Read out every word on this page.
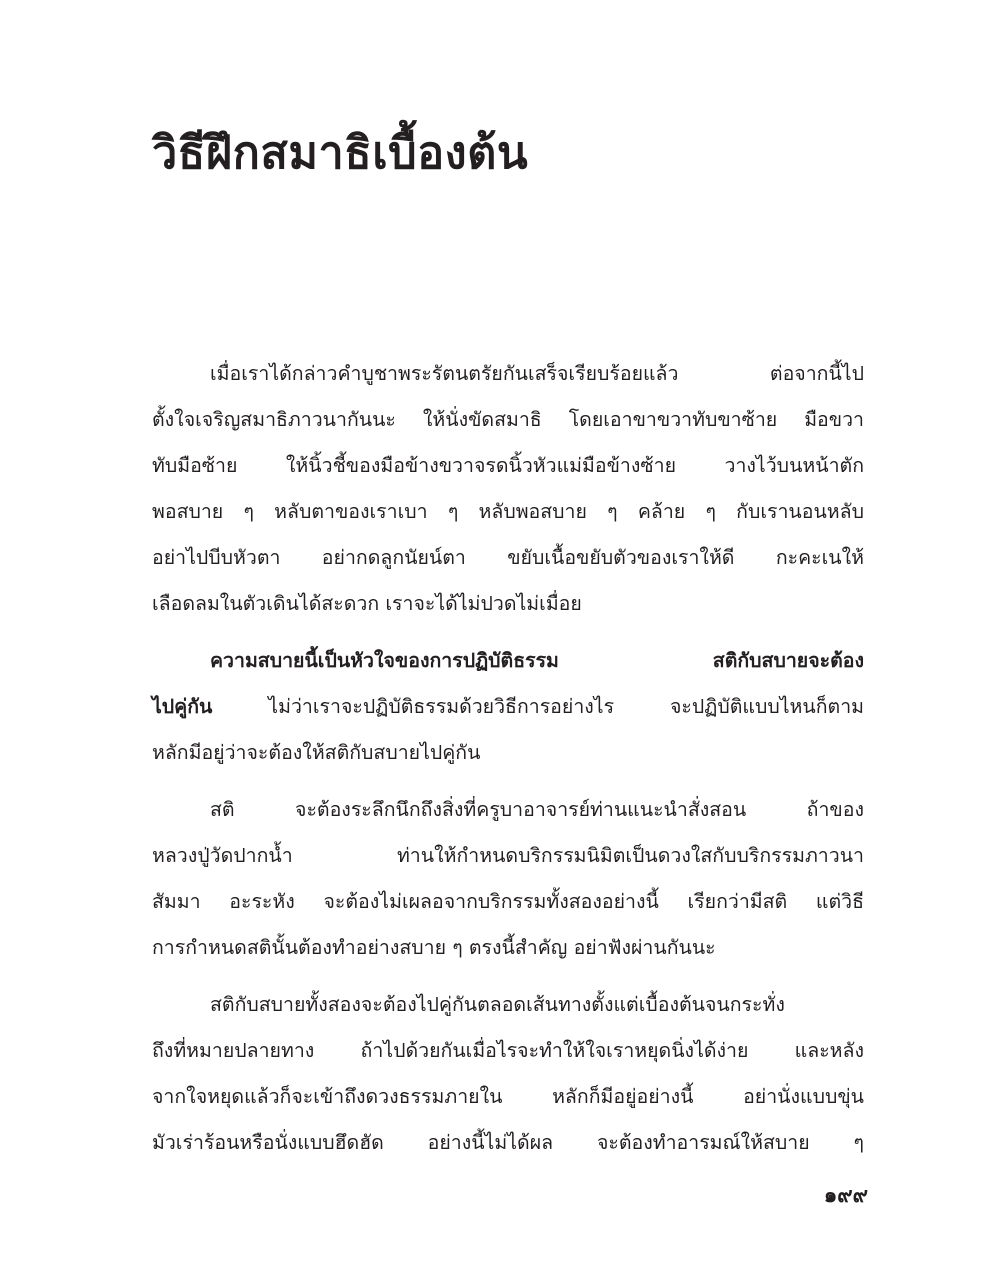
วิธีฝึกสมาธิเบื้องต้น
เมื่อเราได้กล่าวคำบูชาพระรัตนตรัยกันเสร็จเรียบร้อยแล้ว ต่อจากนี้ไป
ตั้งใจเจริญสมาธิภาวนากันนะ ให้นั่งขัดสมาธิ โดยเอาขาขวาทับขาซ้าย มือขวา
ทับมือซ้าย ให้นิ้วชี้ของมือข้างขวาจรดนิ้วหัวแม่มือข้างซ้าย วางไว้บนหน้าตัก
พอสบาย ๆ หลับตาของเราเบา ๆ หลับพอสบาย ๆ คล้าย ๆ กับเรานอนหลับ
อย่าไปบีบหัวตา อย่ากดลูกนัยน์ตา ขยับเนื้อขยับตัวของเราให้ดี กะคะเนให้
เลือดลมในตัวเดินได้สะดวก เราจะได้ไม่ปวดไม่เมื่อย
ความสบายนี้เป็นหัวใจของการปฏิบัติธรรม สติกับสบายจะต้อง
ไปคู่กัน ไม่ว่าเราจะปฏิบัติธรรมด้วยวิธีการอย่างไร จะปฏิบัติแบบไหนก็ตาม
หลักมีอยู่ว่าจะต้องให้สติกับสบายไปคู่กัน
สติ จะต้องระลึกนึกถึงสิ่งที่ครูบาอาจารย์ท่านแนะนำสั่งสอน ถ้าของ
หลวงปู่วัดปากน้ำ ท่านให้กำหนดบริกรรมนิมิตเป็นดวงใสกับบริกรรมภาวนา
สัมมา อะระหัง จะต้องไม่เผลอจากบริกรรมทั้งสองอย่างนี้ เรียกว่ามีสติ แต่วิธี
การกำหนดสตินั้นต้องทำอย่างสบาย ๆ ตรงนี้สำคัญ อย่าฟังผ่านกันนะ
สติกับสบายทั้งสองจะต้องไปคู่กันตลอดเส้นทางตั้งแต่เบื้องต้นจนกระทั่ง
ถึงที่หมายปลายทาง ถ้าไปด้วยกันเมื่อไรจะทำให้ใจเราหยุดนิ่งได้ง่าย และหลัง
จากใจหยุดแล้วก็จะเข้าถึงดวงธรรมภายใน หลักก็มีอยู่อย่างนี้ อย่านั่งแบบขุ่น
มัวเร่าร้อนหรือนั่งแบบฮึดฮัด อย่างนี้ไม่ได้ผล จะต้องทำอารมณ์ให้สบาย ๆ
๑๙๙
